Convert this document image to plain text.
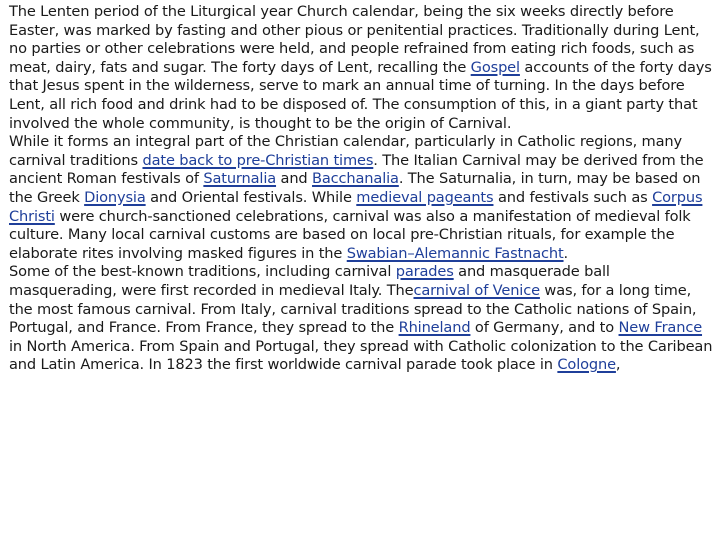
The Lenten period of the Liturgical year Church calendar, being the six weeks directly before Easter, was marked by fasting and other pious or penitential practices. Traditionally during Lent, no parties or other celebrations were held, and people refrained from eating rich foods, such as meat, dairy, fats and sugar. The forty days of Lent, recalling the Gospel accounts of the forty days that Jesus spent in the wilderness, serve to mark an annual time of turning. In the days before Lent, all rich food and drink had to be disposed of. The consumption of this, in a giant party that involved the whole community, is thought to be the origin of Carnival.

While it forms an integral part of the Christian calendar, particularly in Catholic regions, many carnival traditions date back to pre-Christian times. The Italian Carnival may be derived from the ancient Roman festivals of Saturnalia and Bacchanalia. The Saturnalia, in turn, may be based on the Greek Dionysia and Oriental festivals. While medieval pageants and festivals such as Corpus Christi were church-sanctioned celebrations, carnival was also a manifestation of medieval folk culture. Many local carnival customs are based on local pre-Christian rituals, for example the elaborate rites involving masked figures in the Swabian–Alemannic Fastnacht.

Some of the best-known traditions, including carnival parades and masquerade ball masquerading, were first recorded in medieval Italy. Thecarnival of Venice was, for a long time, the most famous carnival. From Italy, carnival traditions spread to the Catholic nations of Spain, Portugal, and France. From France, they spread to the Rhineland of Germany, and to New France in North America. From Spain and Portugal, they spread with Catholic colonization to the Caribean and Latin America. In 1823 the first worldwide carnival parade took place in Cologne,
